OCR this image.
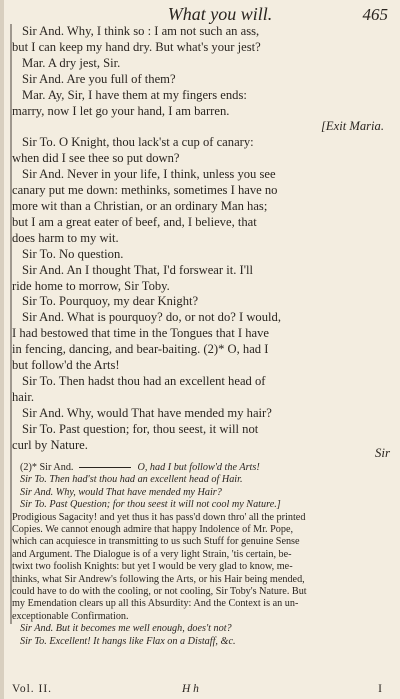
What you will.	465
Sir And. Why, I think so : I am not such an ass,
but I can keep my hand dry. But what's your jest?
Mar. A dry jest, Sir.
Sir And. Are you full of them?
Mar. Ay, Sir, I have them at my fingers ends:
marry, now I let go your hand, I am barren.
[Exit Maria.
Sir To. O Knight, thou lack'st a cup of canary:
when did I see thee so put down?
Sir And. Never in your life, I think, unless you see
canary put me down: methinks, sometimes I have no
more wit than a Christian, or an ordinary Man has;
but I am a great eater of beef, and, I believe, that
does harm to my wit.
Sir To. No question.
Sir And. An I thought That, I'd forswear it. I'll
ride home to morrow, Sir Toby.
Sir To. Pourquoy, my dear Knight?
Sir And. What is pourquoy? do, or not do? I would,
I had bestowed that time in the Tongues that I have
in fencing, dancing, and bear-baiting. (2)* O, had I
but follow'd the Arts!
Sir To. Then hadst thou had an excellent head of
hair.
Sir And. Why, would That have mended my hair?
Sir To. Past question; for, thou seest, it will not
curl by Nature.
Sir
(2)* Sir And.	O, had I but follow'd the Arts!
Sir To. Then had'st thou had an excellent head of Hair.
Sir And. Why, would That have mended my Hair?
Sir To. Past Question; for thou seest it will not cool my Nature.]
Prodigious Sagacity! and yet thus it has pass'd down thro' all the printed
Copies. We cannot enough admire that happy Indolence of Mr. Pope,
which can acquiesce in transmitting to us such Stuff for genuine Sense
and Argument. The Dialogue is of a very light Strain, 'tis certain, be-
twixt two foolish Knights: but yet I would be very glad to know, me-
thinks, what Sir Andrew's following the Arts, or his Hair being mended,
could have to do with the cooling, or not cooling, Sir Toby's Nature. But
my Emendation clears up all this Absurdity: And the Context is an un-
exceptionable Confirmation.
Sir And. But it becomes me well enough, does't not?
Sir To. Excellent! It hangs like Flax on a Distaff, &c.
Vol. II.	H h	I
